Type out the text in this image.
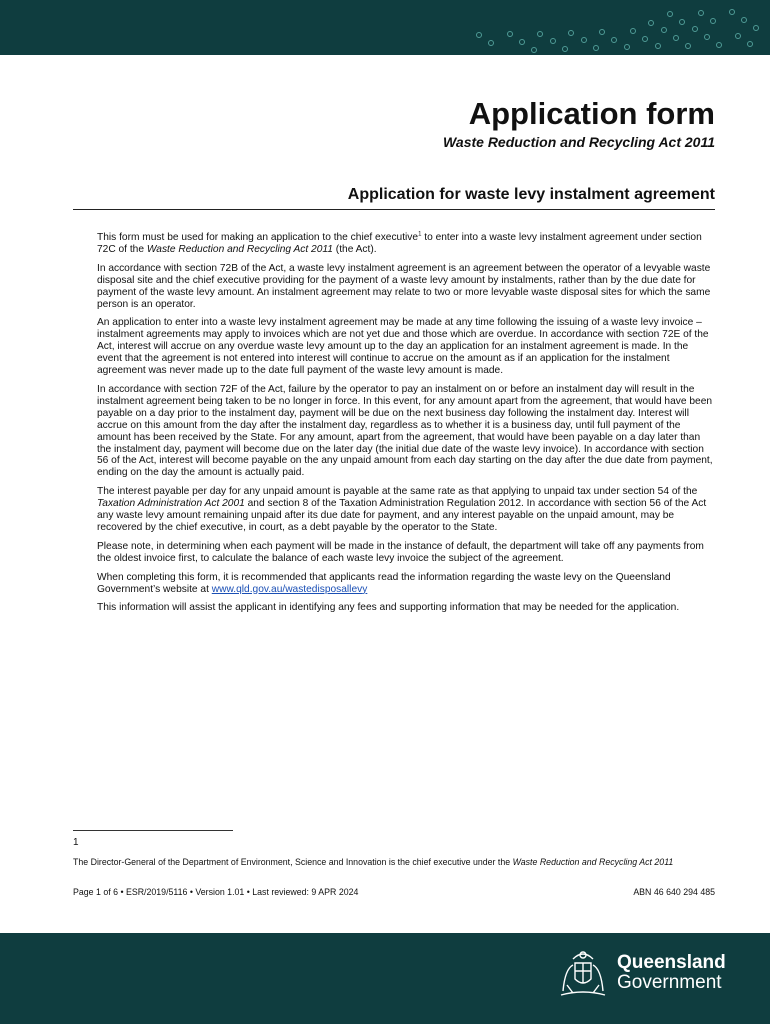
Application form

Waste Reduction and Recycling Act 2011

Application for waste levy instalment agreement

This form must be used for making an application to the chief executive$^1$ to enter into a waste levy instalment agreement under section 72C of the Waste Reduction and Recycling Act 2011 (the Act).

In accordance with section 72B of the Act, a waste levy instalment agreement is an agreement between the operator of a levyable waste disposal site and the chief executive providing for the payment of a waste levy amount by instalments, rather than by the due date for payment of the waste levy amount. An instalment agreement may relate to two or more levyable waste disposal sites for which the same person is an operator.

An application to enter into a waste levy instalment agreement may be made at any time following the issuing of a waste levy invoice – instalment agreements may apply to invoices which are not yet due and those which are overdue. In accordance with section 72E of the Act, interest will accrue on any overdue waste levy amount up to the day an application for an instalment agreement is made. In the event that the agreement is not entered into interest will continue to accrue on the amount as if an application for the instalment agreement was never made up to the date full payment of the waste levy amount is made.

In accordance with section 72F of the Act, failure by the operator to pay an instalment on or before an instalment day will result in the instalment agreement being taken to be no longer in force. In this event, for any amount apart from the agreement, that would have been payable on a day prior to the instalment day, payment will be due on the next business day following the instalment day. Interest will accrue on this amount from the day after the instalment day, regardless as to whether it is a business day, until full payment of the amount has been received by the State. For any amount, apart from the agreement, that would have been payable on a day later than the instalment day, payment will become due on the later day (the initial due date of the waste levy invoice). In accordance with section 56 of the Act, interest will become payable on the any unpaid amount from each day starting on the day after the due date from payment, ending on the day the amount is actually paid.

The interest payable per day for any unpaid amount is payable at the same rate as that applying to unpaid tax under section 54 of the Taxation Administration Act 2001 and section 8 of the Taxation Administration Regulation 2012. In accordance with section 56 of the Act any waste levy amount remaining unpaid after its due date for payment, and any interest payable on the unpaid amount, may be recovered by the chief executive, in court, as a debt payable by the operator to the State.

Please note, in determining when each payment will be made in the instance of default, the department will take off any payments from the oldest invoice first, to calculate the balance of each waste levy invoice the subject of the agreement.

When completing this form, it is recommended that applicants read the information regarding the waste levy on the Queensland Government’s website at www.qld.gov.au/wastedisposallevy

This information will assist the applicant in identifying any fees and supporting information that may be needed for the application.

1
The Director-General of the Department of Environment, Science and Innovation is the chief executive under the Waste Reduction and Recycling Act 2011
Page 1 of 6 • ESR/2019/5116 • Version 1.01 • Last reviewed: 9 APR 2024	ABN 46 640 294 485
Queensland
Government
